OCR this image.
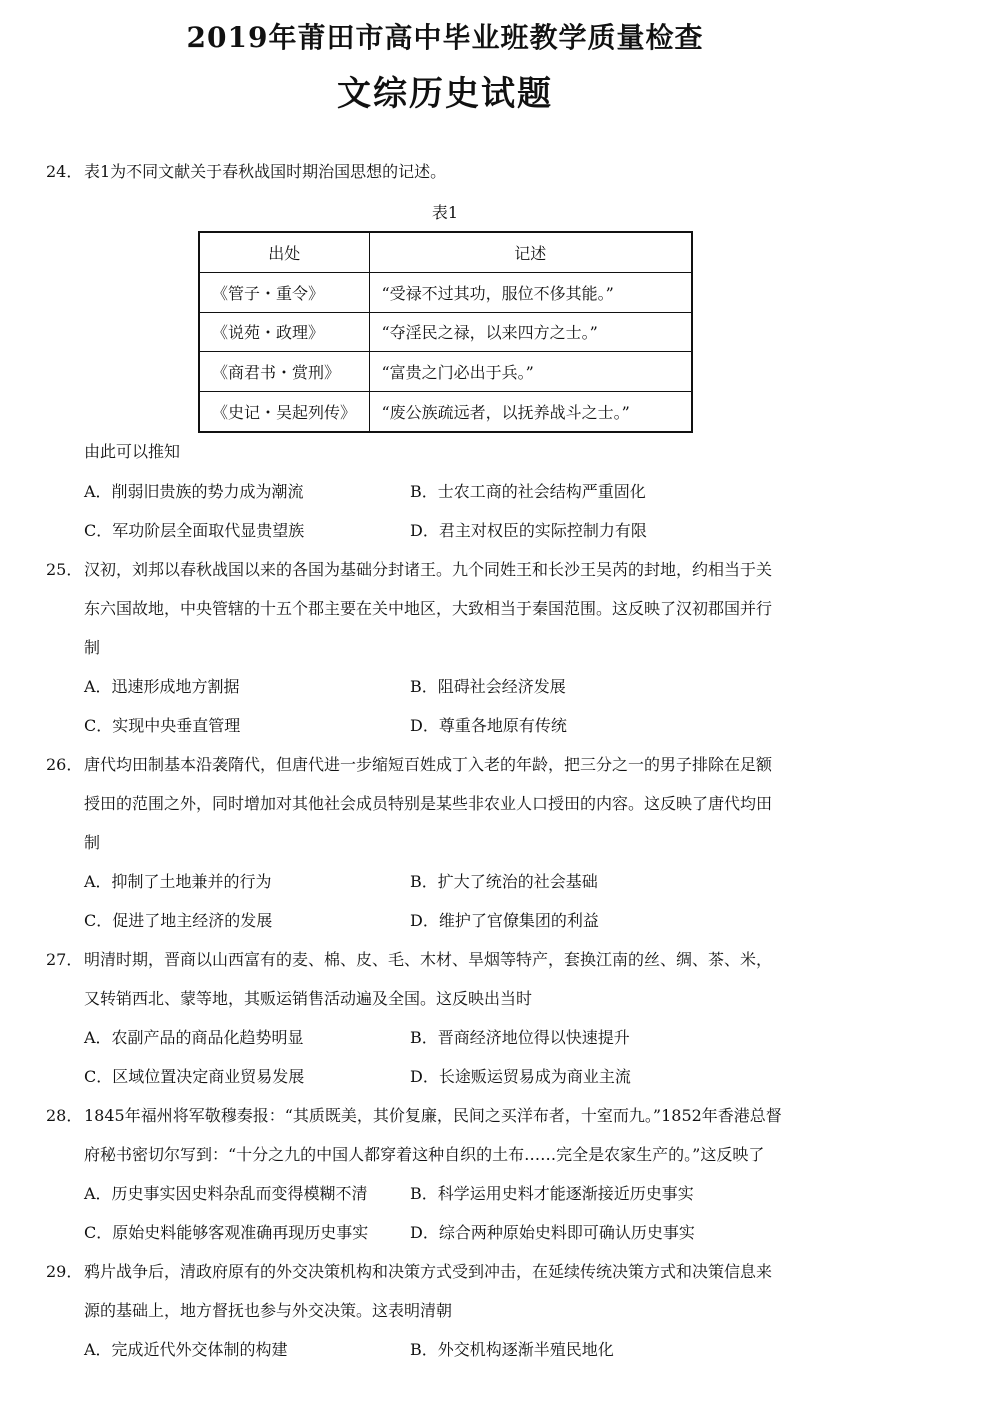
2019年莆田市高中毕业班教学质量检查
文综历史试题
24． 表1为不同文献关于春秋战国时期治国思想的记述。
表1
出处	记述
《管子・重令》	“受禄不过其功，服位不侈其能。”
《说苑・政理》	“夺淫民之禄，以来四方之士。”
《商君书・赏刑》	“富贵之门必出于兵。”
《史记・吴起列传》	“废公族疏远者，以抚养战斗之士。”
由此可以推知
A．削弱旧贵族的势力成为潮流	B．士农工商的社会结构严重固化
C．军功阶层全面取代显贵望族	D．君主对权臣的实际控制力有限
25． 汉初，刘邦以春秋战国以来的各国为基础分封诸王。九个同姓王和长沙王吴芮的封地，约相当于关
东六国故地，中央管辖的十五个郡主要在关中地区，大致相当于秦国范围。这反映了汉初郡国并行
制
A．迅速形成地方割据	B．阻碍社会经济发展
C．实现中央垂直管理	D．尊重各地原有传统
26． 唐代均田制基本沿袭隋代，但唐代进一步缩短百姓成丁入老的年龄，把三分之一的男子排除在足额
授田的范围之外，同时增加对其他社会成员特别是某些非农业人口授田的内容。这反映了唐代均田
制
A．抑制了土地兼并的行为	B．扩大了统治的社会基础
C．促进了地主经济的发展	D．维护了官僚集团的利益
27． 明清时期，晋商以山西富有的麦、棉、皮、毛、木材、旱烟等特产，套换江南的丝、绸、茶、米，
又转销西北、蒙等地，其贩运销售活动遍及全国。这反映出当时
A．农副产品的商品化趋势明显	B．晋商经济地位得以快速提升
C．区域位置决定商业贸易发展	D．长途贩运贸易成为商业主流
28． 1845年福州将军敬穆奏报：“其质既美，其价复廉，民间之买洋布者，十室而九。”1852年香港总督
府秘书密切尔写到：“十分之九的中国人都穿着这种自织的土布……完全是农家生产的。”这反映了
A．历史事实因史料杂乱而变得模糊不清	B．科学运用史料才能逐渐接近历史事实
C．原始史料能够客观准确再现历史事实	D．综合两种原始史料即可确认历史事实
29． 鸦片战争后，清政府原有的外交决策机构和决策方式受到冲击，在延续传统决策方式和决策信息来
源的基础上，地方督抚也参与外交决策。这表明清朝
A．完成近代外交体制的构建	B．外交机构逐渐半殖民地化
